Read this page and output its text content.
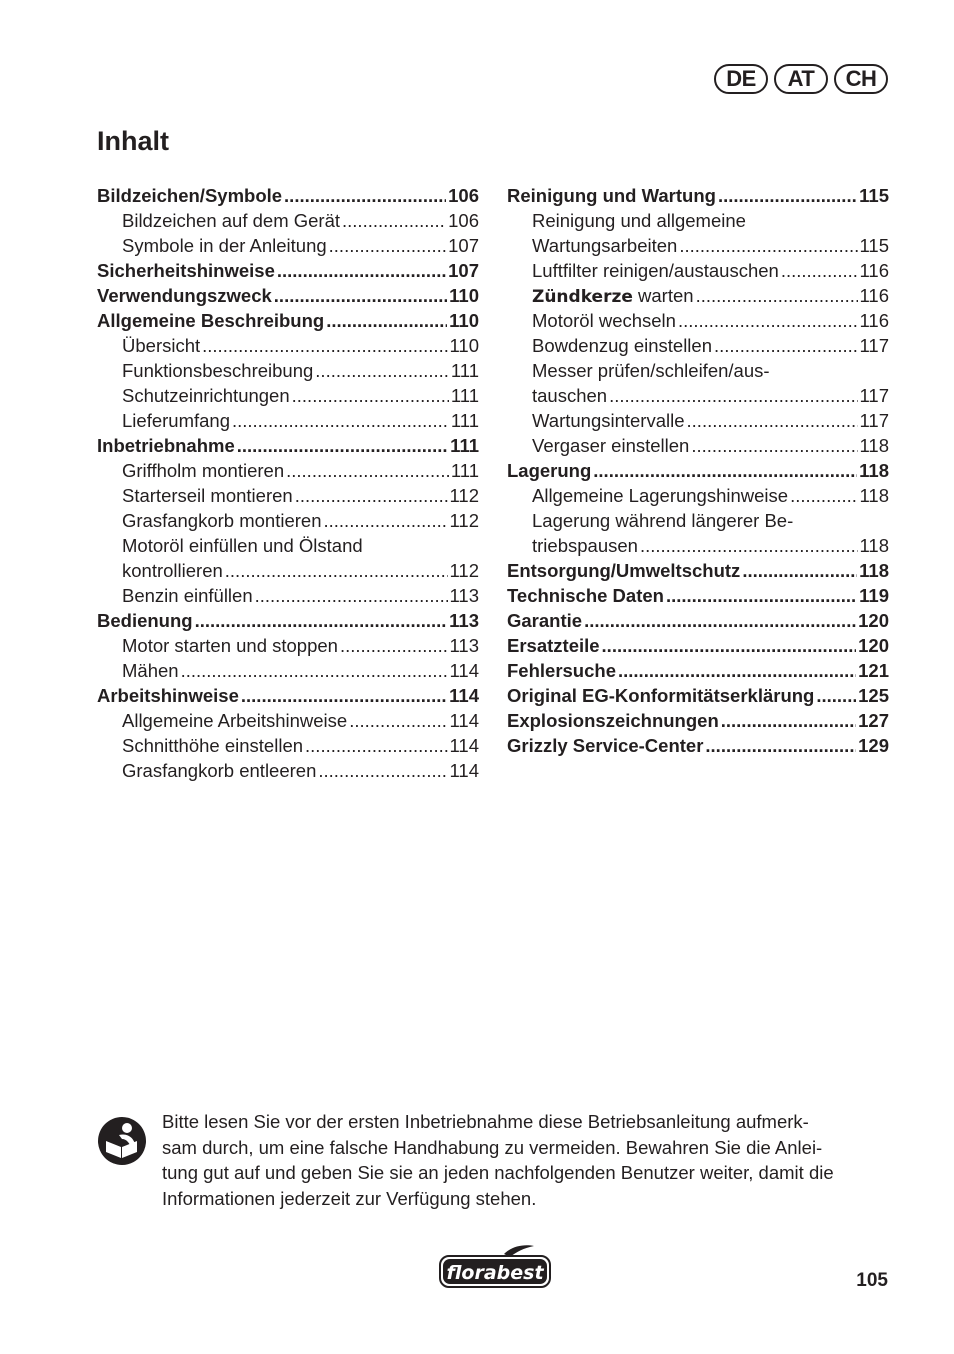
DE	AT	CH
Inhalt
Bildzeichen/Symbole .....	106
Bildzeichen auf dem Gerät .....	106
Symbole in der Anleitung .....	107
Sicherheitshinweise .....	107
Verwendungszweck .....	110
Allgemeine Beschreibung .....	110
Übersicht .....	110
Funktionsbeschreibung .....	111
Schutzeinrichtungen .....	111
Lieferumfang .....	111
Inbetriebnahme .....	111
Griffholm montieren .....	111
Starterseil montieren .....	112
Grasfangkorb montieren .....	112
Motoröl einfüllen und Ölstand
kontrollieren .....	112
Benzin einfüllen .....	113
Bedienung .....	113
Motor starten und stoppen .....	113
Mähen .....	114
Arbeitshinweise .....	114
Allgemeine Arbeitshinweise .....	114
Schnitthöhe einstellen .....	114
Grasfangkorb entleeren .....	114
Reinigung und Wartung .....	115
Reinigung und allgemeine
Wartungsarbeiten .....	115
Luftfilter reinigen/austauschen .....	116
Zündkerze warten .....	116
Motoröl wechseln .....	116
Bowdenzug einstellen .....	117
Messer prüfen/schleifen/aus-
tauschen .....	117
Wartungsintervalle .....	117
Vergaser einstellen .....	118
Lagerung .....	118
Allgemeine Lagerungshinweise .....	118
Lagerung während längerer Be-
triebspausen .....	118
Entsorgung/Umweltschutz .....	118
Technische Daten .....	119
Garantie .....	120
Ersatzteile .....	120
Fehlersuche .....	121
Original EG-Konformitätserklärung ..... 125
Explosionszeichnungen .....	127
Grizzly Service-Center .....	129
Bitte lesen Sie vor der ersten Inbetriebnahme diese Betriebsanleitung aufmerk-
sam durch, um eine falsche Handhabung zu vermeiden. Bewahren Sie die Anlei-
tung gut auf und geben Sie sie an jeden nachfolgenden Benutzer weiter, damit die
Informationen jederzeit zur Verfügung stehen.
florabest	105
